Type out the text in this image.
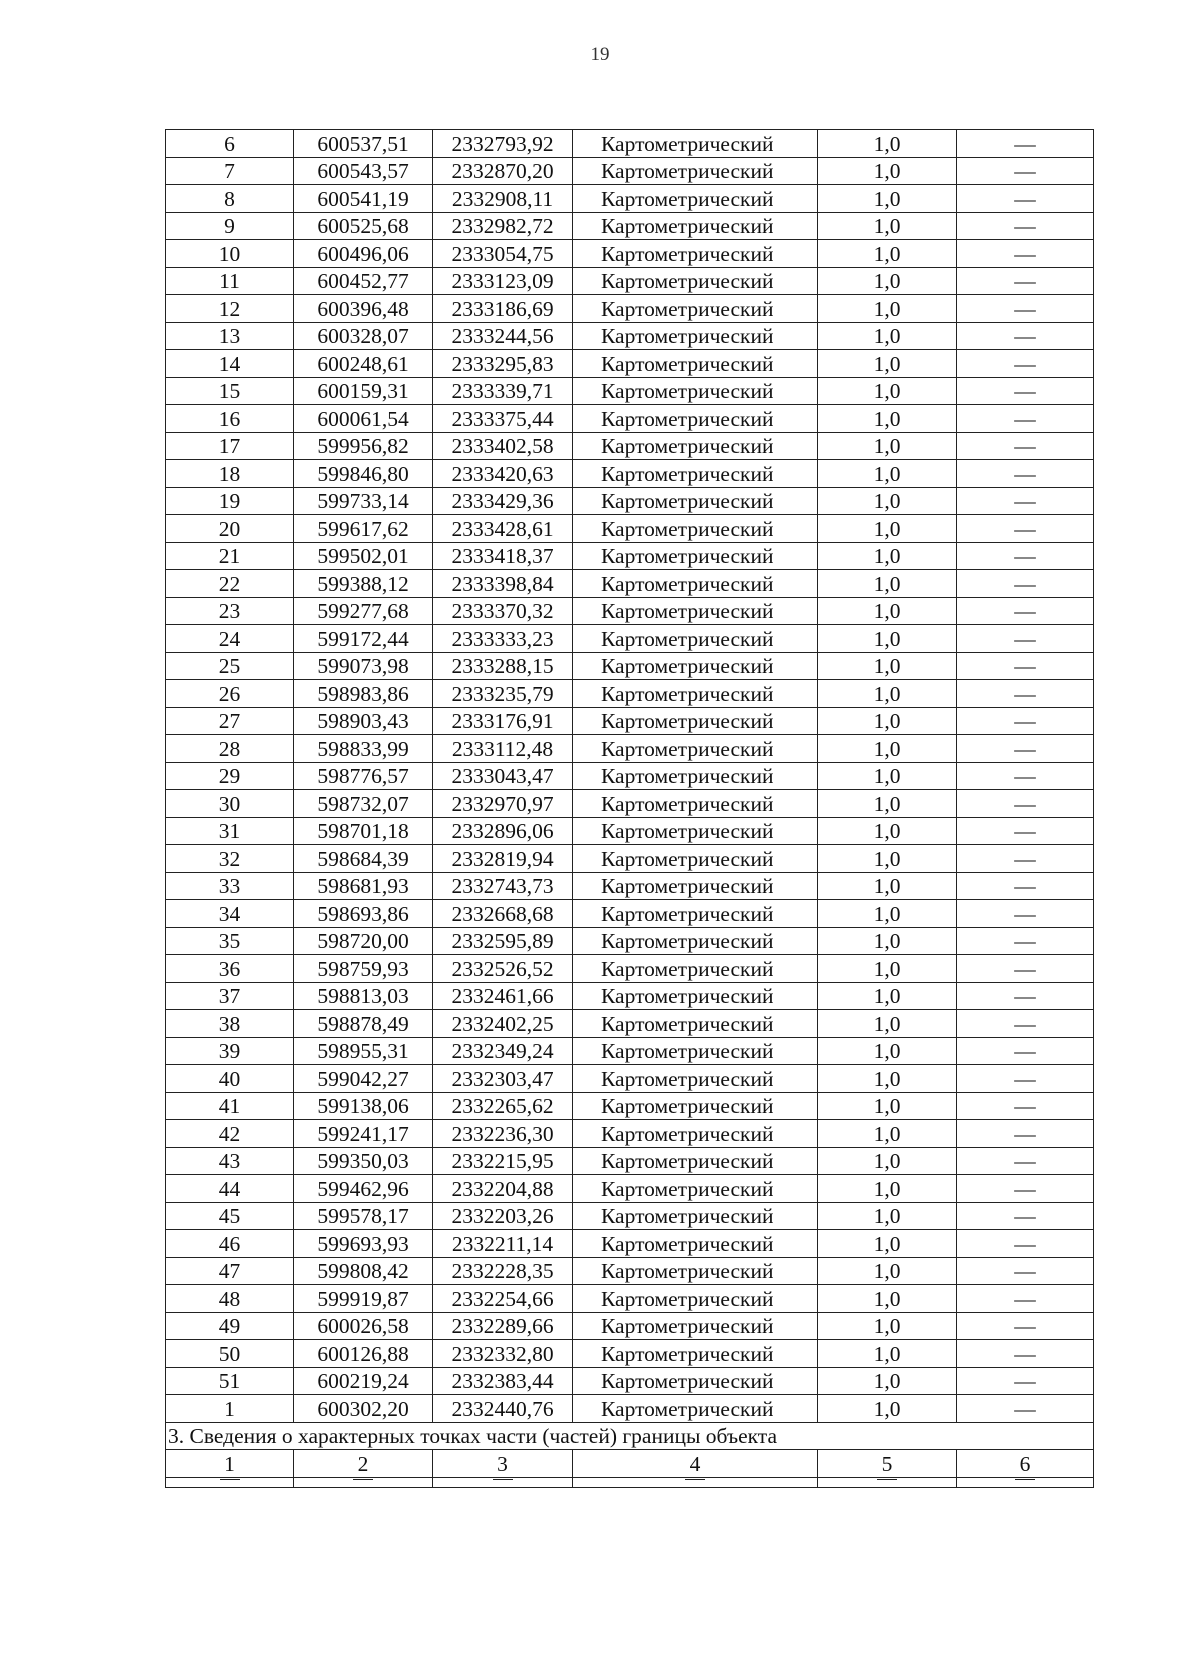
19
6	600537,51	2332793,92	Картометрический	1,0	—
7	600543,57	2332870,20	Картометрический	1,0	—
8	600541,19	2332908,11	Картометрический	1,0	—
9	600525,68	2332982,72	Картометрический	1,0	—
10	600496,06	2333054,75	Картометрический	1,0	—
11	600452,77	2333123,09	Картометрический	1,0	—
12	600396,48	2333186,69	Картометрический	1,0	—
13	600328,07	2333244,56	Картометрический	1,0	—
14	600248,61	2333295,83	Картометрический	1,0	—
15	600159,31	2333339,71	Картометрический	1,0	—
16	600061,54	2333375,44	Картометрический	1,0	—
17	599956,82	2333402,58	Картометрический	1,0	—
18	599846,80	2333420,63	Картометрический	1,0	—
19	599733,14	2333429,36	Картометрический	1,0	—
20	599617,62	2333428,61	Картометрический	1,0	—
21	599502,01	2333418,37	Картометрический	1,0	—
22	599388,12	2333398,84	Картометрический	1,0	—
23	599277,68	2333370,32	Картометрический	1,0	—
24	599172,44	2333333,23	Картометрический	1,0	—
25	599073,98	2333288,15	Картометрический	1,0	—
26	598983,86	2333235,79	Картометрический	1,0	—
27	598903,43	2333176,91	Картометрический	1,0	—
28	598833,99	2333112,48	Картометрический	1,0	—
29	598776,57	2333043,47	Картометрический	1,0	—
30	598732,07	2332970,97	Картометрический	1,0	—
31	598701,18	2332896,06	Картометрический	1,0	—
32	598684,39	2332819,94	Картометрический	1,0	—
33	598681,93	2332743,73	Картометрический	1,0	—
34	598693,86	2332668,68	Картометрический	1,0	—
35	598720,00	2332595,89	Картометрический	1,0	—
36	598759,93	2332526,52	Картометрический	1,0	—
37	598813,03	2332461,66	Картометрический	1,0	—
38	598878,49	2332402,25	Картометрический	1,0	—
39	598955,31	2332349,24	Картометрический	1,0	—
40	599042,27	2332303,47	Картометрический	1,0	—
41	599138,06	2332265,62	Картометрический	1,0	—
42	599241,17	2332236,30	Картометрический	1,0	—
43	599350,03	2332215,95	Картометрический	1,0	—
44	599462,96	2332204,88	Картометрический	1,0	—
45	599578,17	2332203,26	Картометрический	1,0	—
46	599693,93	2332211,14	Картометрический	1,0	—
47	599808,42	2332228,35	Картометрический	1,0	—
48	599919,87	2332254,66	Картометрический	1,0	—
49	600026,58	2332289,66	Картометрический	1,0	—
50	600126,88	2332332,80	Картометрический	1,0	—
51	600219,24	2332383,44	Картометрический	1,0	—
1	600302,20	2332440,76	Картометрический	1,0	—
3. Сведения о характерных точках части (частей) границы объекта					
1	2	3	4	5	6
